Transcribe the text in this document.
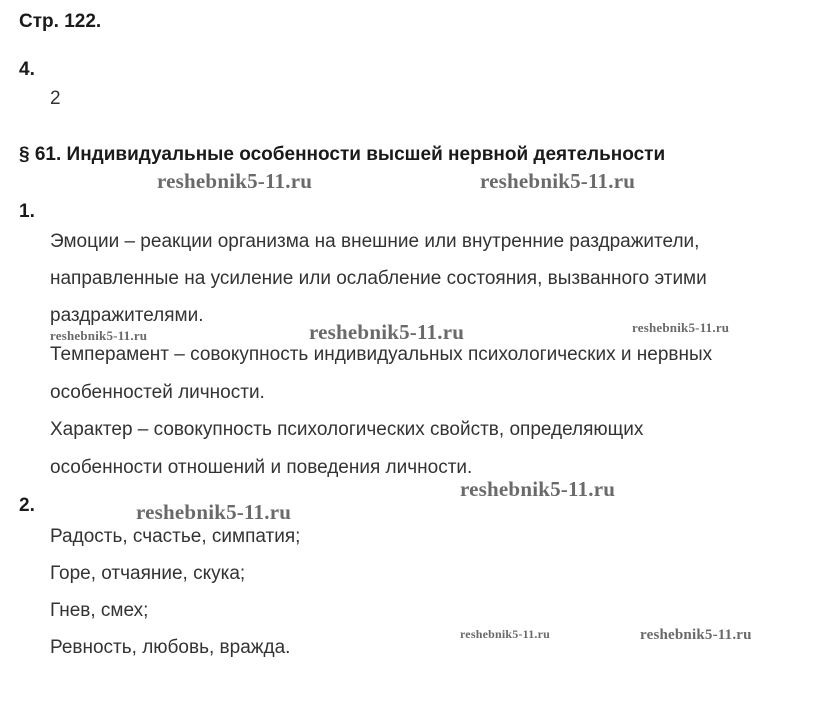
Стр. 122.
4.
2
§ 61. Индивидуальные особенности высшей нервной деятельности
1.
Эмоции – реакции организма на внешние или внутренние раздражители,
направленные на усиление или ослабление состояния, вызванного этими
раздражителями.
Темперамент – совокупность индивидуальных психологических и нервных
особенностей личности.
Характер – совокупность психологических свойств, определяющих
особенности отношений и поведения личности.
2.
Радость, счастье, симпатия;
Горе, отчаяние, скука;
Гнев, смех;
Ревность, любовь, вражда.
reshebnik5-11.ru	reshebnik5-11.ru
reshebnik5-11.ru	reshebnik5-11.ru	reshebnik5-11.ru
reshebnik5-11.ru
reshebnik5-11.ru
reshebnik5-11.ru	reshebnik5-11.ru
